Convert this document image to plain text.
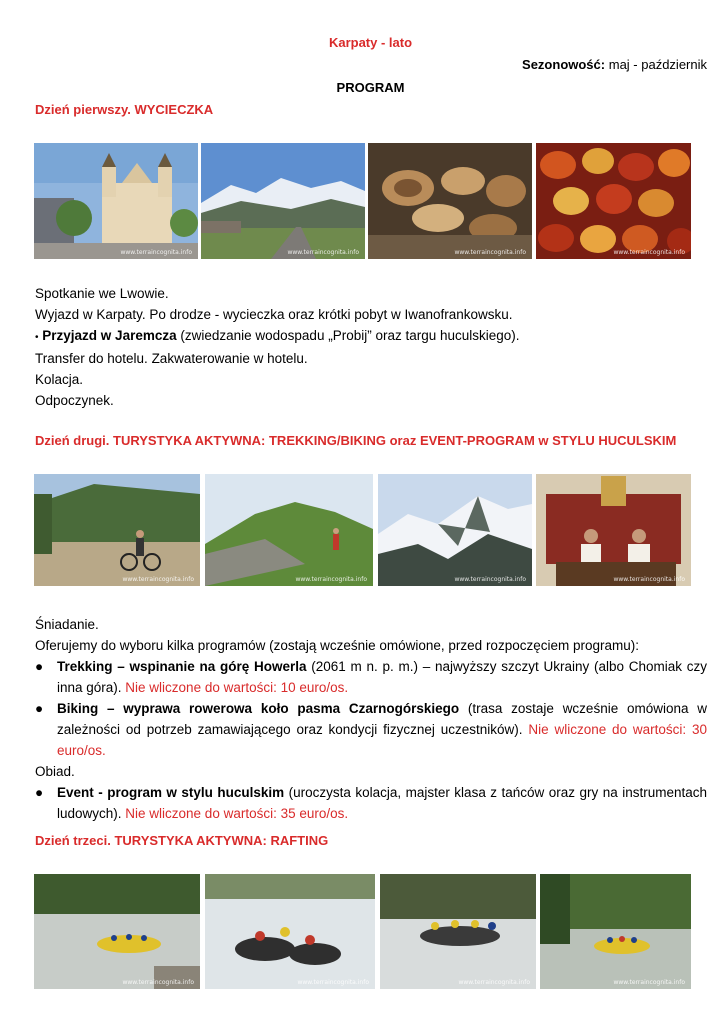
Karpaty - lato
Sezonowość: maj - październik
PROGRAM
Dzień pierwszy. WYCIECZKA
www.terraincognita.info	www.terraincognita.info	www.terraincognita.info	www.terraincognita.info
Spotkanie we Lwowie.
Wyjazd w Karpaty. Po drodze - wycieczka oraz krótki pobyt w Iwanofrankowsku.
• Przyjazd w Jaremcza (zwiedzanie wodospadu „Probij” oraz targu huculskiego).
Transfer do hotelu. Zakwaterowanie w hotelu.
Kolacja.
Odpoczynek.
Dzień drugi. TURYSTYKA AKTYWNA: TREKKING/BIKING oraz EVENT-PROGRAM w STYLU HUCULSKIM
www.terraincognita.info	www.terraincognita.info	www.terraincognita.info	www.terraincognita.info
Śniadanie.
Oferujemy do wyboru kilka programów (zostają wcześnie omówione, przed rozpoczęciem programu):
● Trekking – wspinanie na górę Howerla (2061 m n. p. m.) – najwyższy szczyt Ukrainy (albo Chomiak czy inna góra). Nie wliczone do wartości: 10 euro/os.
● Biking – wyprawa rowerowa koło pasma Czarnogórskiego (trasa zostaje wcześnie omówiona w zależności od potrzeb zamawiającego oraz kondycji fizycznej uczestników). Nie wliczone do wartości: 30 euro/os.
Obiad.
● Event - program w stylu huculskim (uroczysta kolacja, majster klasa z tańców oraz gry na instrumentach ludowych). Nie wliczone do wartości: 35 euro/os.
Dzień trzeci. TURYSTYKA AKTYWNA: RAFTING
www.terraincognita.info	www.terraincognita.info	www.terraincognita.info	www.terraincognita.info
